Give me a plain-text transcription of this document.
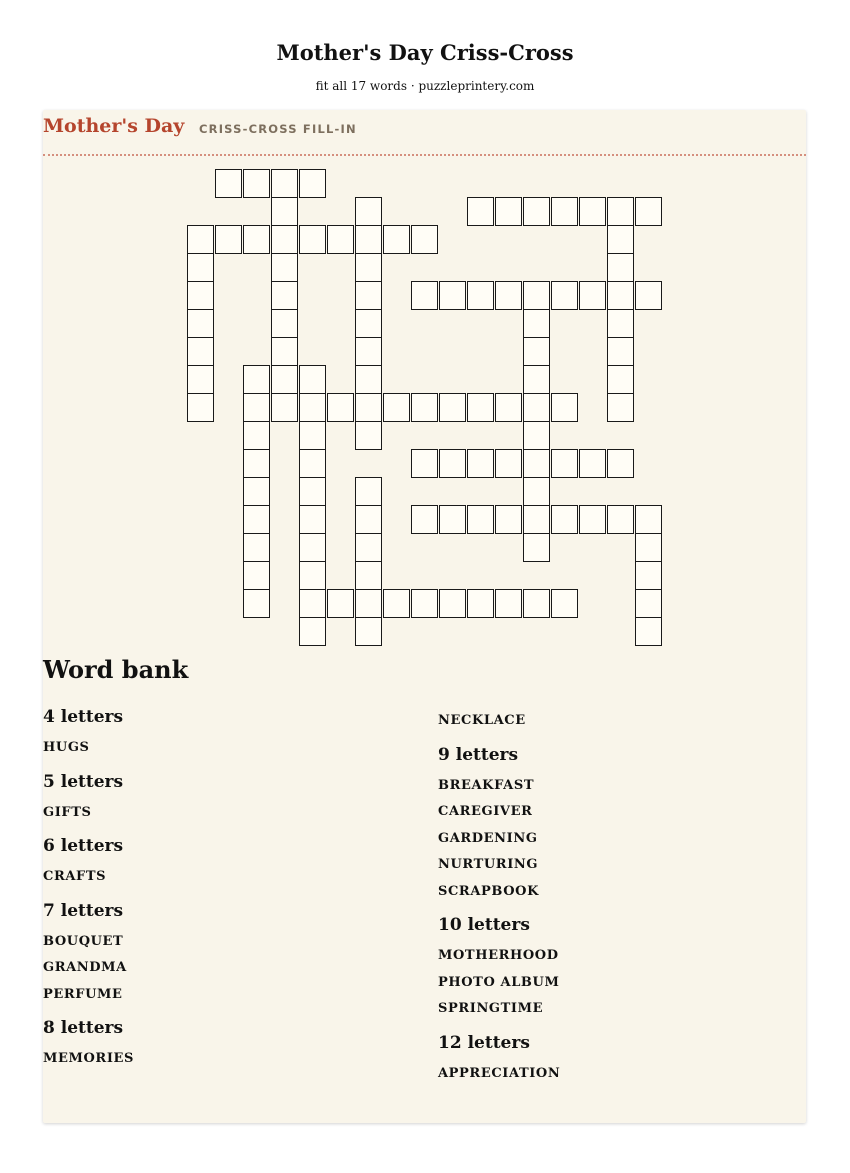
Mother's Day Criss-Cross

fit all 17 words · puzzleprintery.com

Mother's Day CRISS-CROSS FILL-IN
Word bank
4 letters
HUGS
5 letters
GIFTS
6 letters
CRAFTS
7 letters
BOUQUET
GRANDMA
PERFUME
8 letters
MEMORIES
NECKLACE
9 letters
BREAKFAST
CAREGIVER
GARDENING
NURTURING
SCRAPBOOK
10 letters
MOTHERHOOD
PHOTO ALBUM
SPRINGTIME
12 letters
APPRECIATION
